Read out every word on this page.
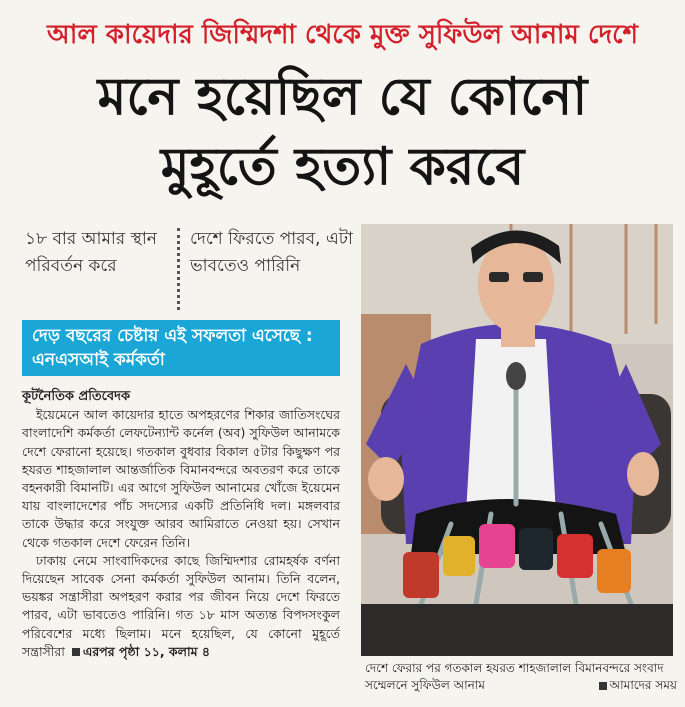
আল কায়েদার জিম্মিদশা থেকে মুক্ত সুফিউল আনাম দেশে
মনে হয়েছিল যে কোনো
মুহূর্তে হত্যা করবে
১৮ বার আমার স্থান পরিবর্তন করে
দেশে ফিরতে পারব, এটা ভাবতেও পারিনি
দেড় বছরের চেষ্টায় এই সফলতা এসেছে : এনএসআই কর্মকর্তা
কূটনৈতিক প্রতিবেদক

ইয়েমেনে আল কায়েদার হাতে অপহরণের শিকার জাতিসংঘের বাংলাদেশি কর্মকর্তা লেফটেন্যান্ট কর্নেল (অব) সুফিউল আনামকে দেশে ফেরানো হয়েছে। গতকাল বুধবার বিকাল ৫টার কিছুক্ষণ পর হযরত শাহজালাল আন্তর্জাতিক বিমানবন্দরে অবতরণ করে তাকে বহনকারী বিমানটি। এর আগে সুফিউল আনামের খোঁজে ইয়েমেন যায় বাংলাদেশের পাঁচ সদস্যের একটি প্রতিনিধি দল। মঙ্গলবার তাকে উদ্ধার করে সংযুক্ত আরব আমিরাতে নেওয়া হয়। সেখান থেকে গতকাল দেশে ফেরেন তিনি।

ঢাকায় নেমে সাংবাদিকদের কাছে জিম্মিদশার রোমহর্ষক বর্ণনা দিয়েছেন সাবেক সেনা কর্মকর্তা সুফিউল আনাম। তিনি বলেন, ভয়ঙ্কর সন্ত্রাসীরা অপহরণ করার পর জীবন নিয়ে দেশে ফিরতে পারব, এটা ভাবতেও পারিনি। গত ১৮ মাস অত্যন্ত বিপদসংকুল পরিবেশের মধ্যে ছিলাম। মনে হয়েছিল, যে কোনো মুহূর্তে সন্ত্রাসীরা এরপর পৃষ্ঠা ১১, কলাম ৪

দেশে ফেরার পর গতকাল হযরত শাহজালাল বিমানবন্দরে সংবাদ সম্মেলনে সুফিউল আনাম	আমাদের সময়
